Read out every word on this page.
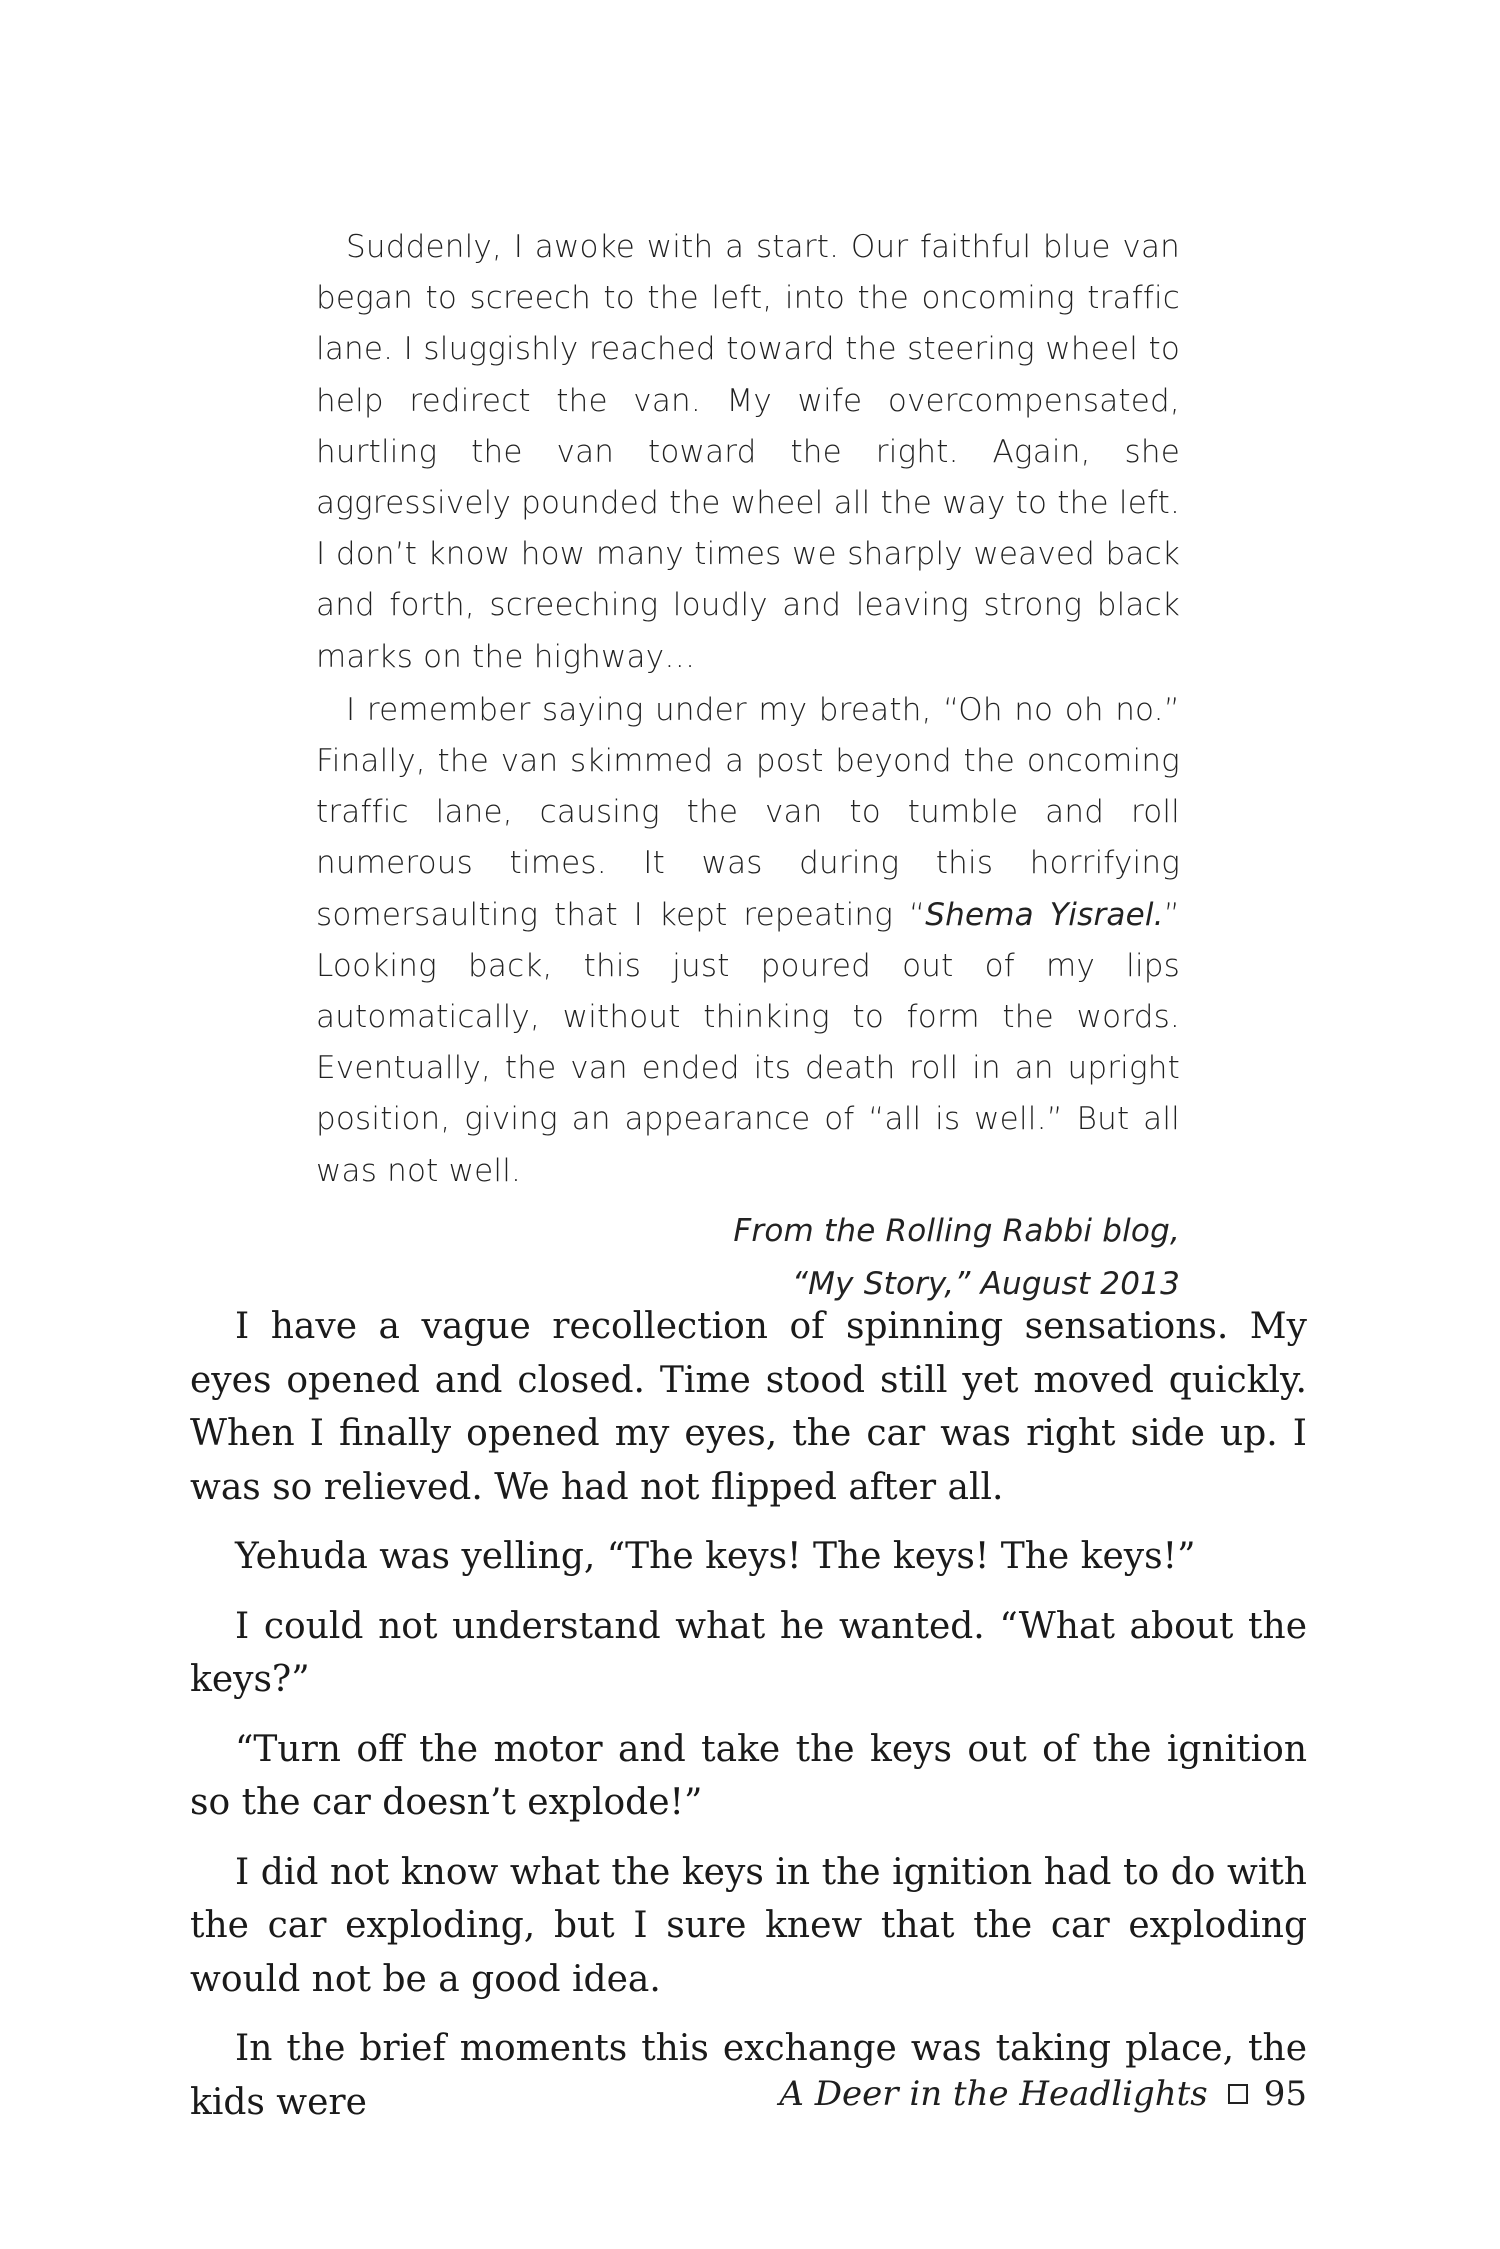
Suddenly, I awoke with a start. Our faithful blue van began to screech to the left, into the oncoming traffic lane. I sluggishly reached toward the steering wheel to help redirect the van. My wife overcompensated, hurtling the van toward the right. Again, she aggressively pounded the wheel all the way to the left. I don’t know how many times we sharply weaved back and forth, screeching loudly and leaving strong black marks on the highway…

I remember saying under my breath, “Oh no oh no.” Finally, the van skimmed a post beyond the oncoming traffic lane, causing the van to tumble and roll numerous times. It was during this horrifying somersaulting that I kept repeating “Shema Yisrael.” Looking back, this just poured out of my lips automatically, without thinking to form the words. Eventually, the van ended its death roll in an upright position, giving an appearance of “all is well.” But all was not well.

From the Rolling Rabbi blog,
“My Story,” August 2013

I have a vague recollection of spinning sensations. My eyes opened and closed. Time stood still yet moved quickly. When I finally opened my eyes, the car was right side up. I was so relieved. We had not flipped after all.

Yehuda was yelling, “The keys! The keys! The keys!”

I could not understand what he wanted. “What about the keys?”

“Turn off the motor and take the keys out of the ignition so the car doesn’t explode!”

I did not know what the keys in the ignition had to do with the car exploding, but I sure knew that the car exploding would not be a good idea.

In the brief moments this exchange was taking place, the kids were	A Deer in the Headlights 95
